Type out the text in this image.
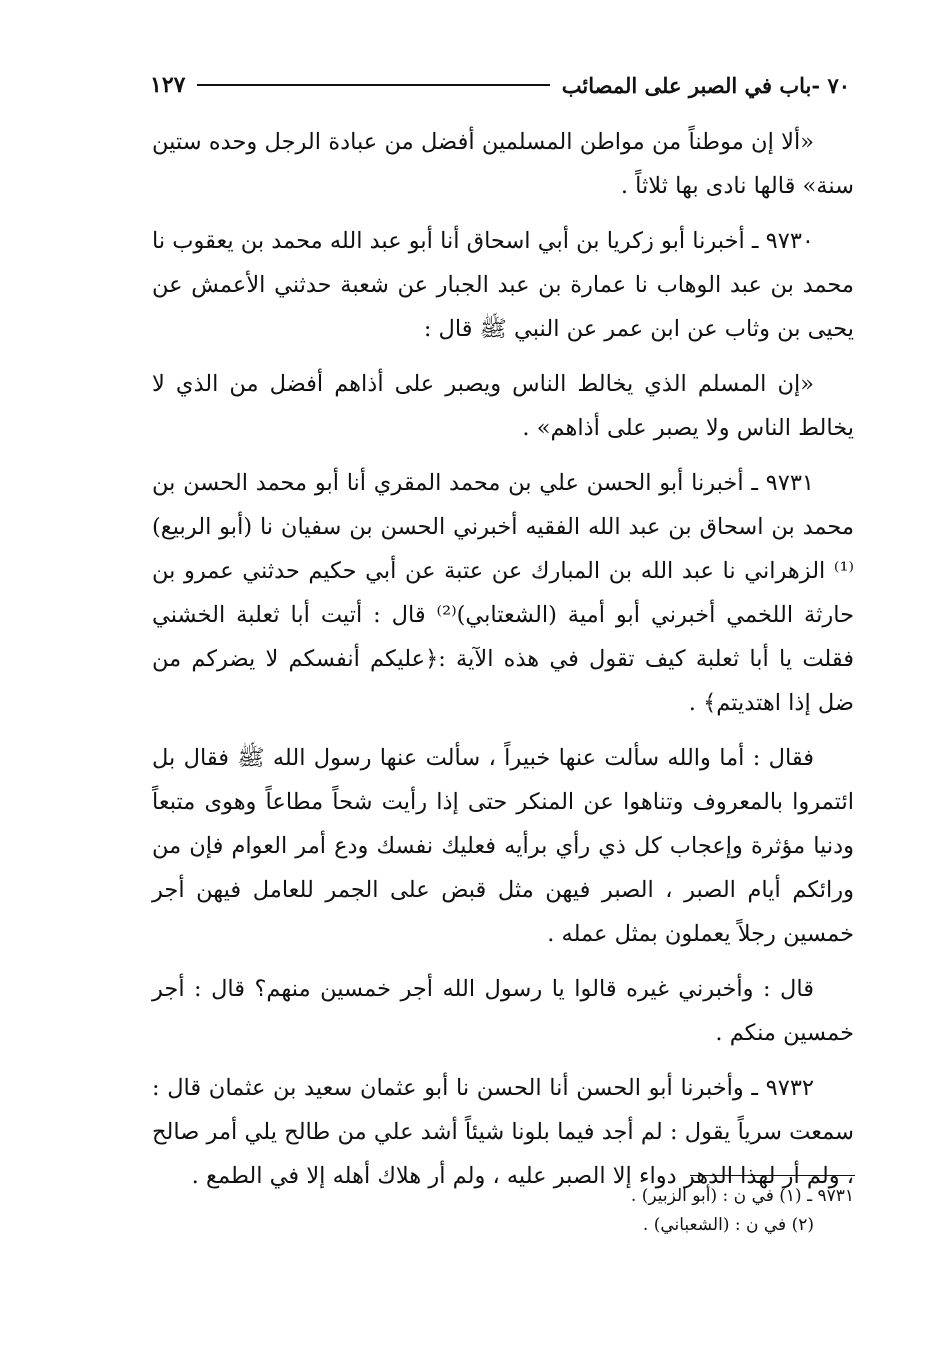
٧٠ -باب في الصبر على المصائب
١٢٧

«ألا إن موطناً من مواطن المسلمين أفضل من عبادة الرجل وحده ستين سنة» قالها نادى بها ثلاثاً .

٩٧٣٠ ـ أخبرنا أبو زكريا بن أبي اسحاق أنا أبو عبد الله محمد بن يعقوب نا محمد بن عبد الوهاب نا عمارة بن عبد الجبار عن شعبة حدثني الأعمش عن يحيى بن وثاب عن ابن عمر عن النبي ﷺ قال :

«إن المسلم الذي يخالط الناس ويصبر على أذاهم أفضل من الذي لا يخالط الناس ولا يصبر على أذاهم» .

٩٧٣١ ـ أخبرنا أبو الحسن علي بن محمد المقري أنا أبو محمد الحسن بن محمد بن اسحاق بن عبد الله الفقيه أخبرني الحسن بن سفيان نا (أبو الربيع)⁽¹⁾ الزهراني نا عبد الله بن المبارك عن عتبة عن أبي حكيم حدثني عمرو بن حارثة اللخمي أخبرني أبو أمية (الشعتابي)⁽²⁾ قال : أتيت أبا ثعلبة الخشني فقلت يا أبا ثعلبة كيف تقول في هذه الآية :﴿عليكم أنفسكم لا يضركم من ضل إذا اهتديتم﴾ .

فقال : أما والله سألت عنها خبيراً ، سألت عنها رسول الله ﷺ فقال بل ائتمروا بالمعروف وتناهوا عن المنكر حتى إذا رأيت شحاً مطاعاً وهوى متبعاً ودنيا مؤثرة وإعجاب كل ذي رأي برأيه فعليك نفسك ودع أمر العوام فإن من ورائكم أيام الصبر ، الصبر فيهن مثل قبض على الجمر للعامل فيهن أجر خمسين رجلاً يعملون بمثل عمله .

قال : وأخبرني غيره قالوا يا رسول الله أجر خمسين منهم؟ قال : أجر خمسين منكم .

٩٧٣٢ ـ وأخبرنا أبو الحسن أنا الحسن نا أبو عثمان سعيد بن عثمان قال : سمعت سرياً يقول : لم أجد فيما بلونا شيئاً أشد علي من طالح يلي أمر صالح ، ولم أر لهذا الدهر دواء إلا الصبر عليه ، ولم أر هلاك أهله إلا في الطمع .

٩٧٣١ ـ (١) في ن : (أبو الزبير) .

(٢) في ن : (الشعباني) .
